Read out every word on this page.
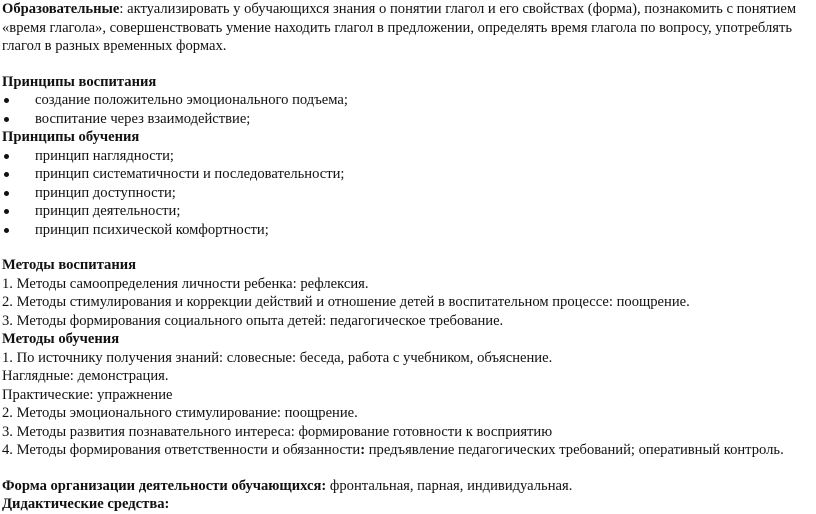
Образовательные: актуализировать у обучающихся знания о понятии глагол и его свойствах (форма), познакомить с понятием «время глагола», совершенствовать умение находить глагол в предложении, определять время глагола по вопросу, употреблять глагол в разных временных формах.

Принципы воспитания
создание положительно эмоционального подъема;
воспитание через взаимодействие;
Принципы обучения
принцип наглядности;
принцип систематичности и последовательности;
принцип доступности;
принцип деятельности;
принцип психической комфортности;
Методы воспитания
1. Методы самоопределения личности ребенка: рефлексия.
2. Методы стимулирования и коррекции действий и отношение детей в воспитательном процессе: поощрение.
3. Методы формирования социального опыта детей: педагогическое требование.
Методы обучения
1. По источнику получения знаний: словесные: беседа, работа с учебником, объяснение.
Наглядные: демонстрация.
Практические: упражнение
2. Методы эмоционального стимулирование: поощрение.
3. Методы развития познавательного интереса: формирование готовности к восприятию
4. Методы формирования ответственности и обязанности: предъявление педагогических требований; оперативный контроль.
Форма организации деятельности обучающихся: фронтальная, парная, индивидуальная.
Дидактические средства:
